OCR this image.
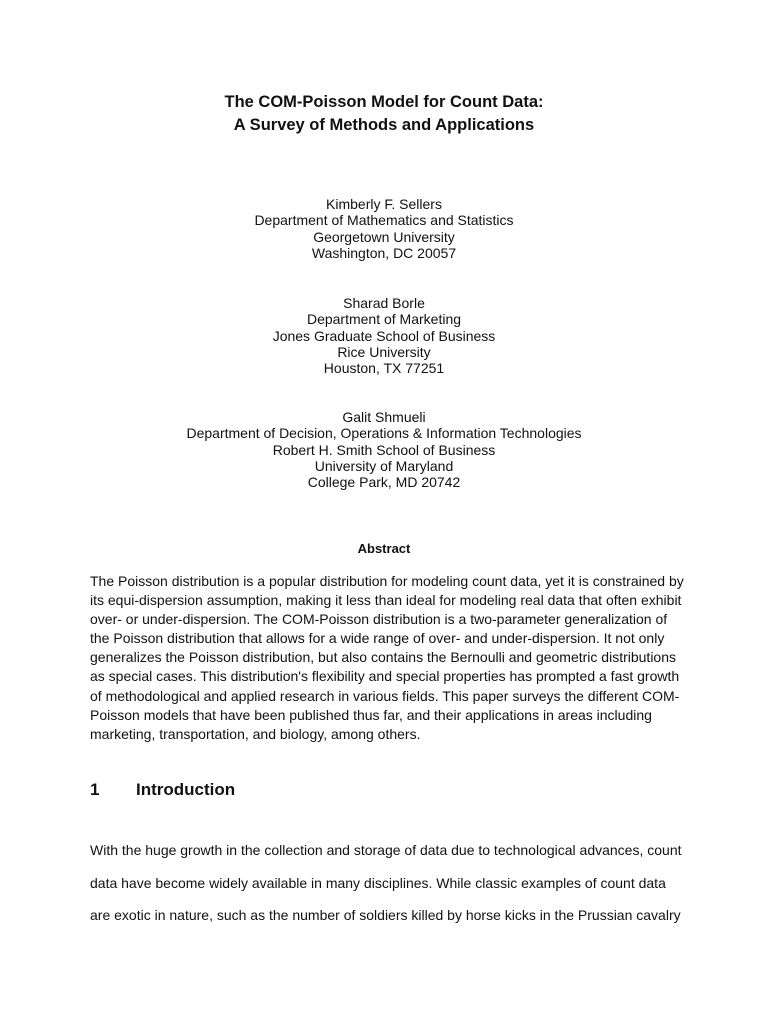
The COM-Poisson Model for Count Data:
A Survey of Methods and Applications
Kimberly F. Sellers
Department of Mathematics and Statistics
Georgetown University
Washington, DC 20057
Sharad Borle
Department of Marketing
Jones Graduate School of Business
Rice University
Houston, TX 77251
Galit Shmueli
Department of Decision, Operations & Information Technologies
Robert H. Smith School of Business
University of Maryland
College Park, MD 20742
Abstract
The Poisson distribution is a popular distribution for modeling count data, yet it is constrained by
its equi-dispersion assumption, making it less than ideal for modeling real data that often exhibit
over- or under-dispersion. The COM-Poisson distribution is a two-parameter generalization of
the Poisson distribution that allows for a wide range of over- and under-dispersion. It not only
generalizes the Poisson distribution, but also contains the Bernoulli and geometric distributions
as special cases. This distribution's flexibility and special properties has prompted a fast growth
of methodological and applied research in various fields. This paper surveys the different COM-
Poisson models that have been published thus far, and their applications in areas including
marketing, transportation, and biology, among others.
1 Introduction
With the huge growth in the collection and storage of data due to technological advances, count
data have become widely available in many disciplines. While classic examples of count data
are exotic in nature, such as the number of soldiers killed by horse kicks in the Prussian cavalry
